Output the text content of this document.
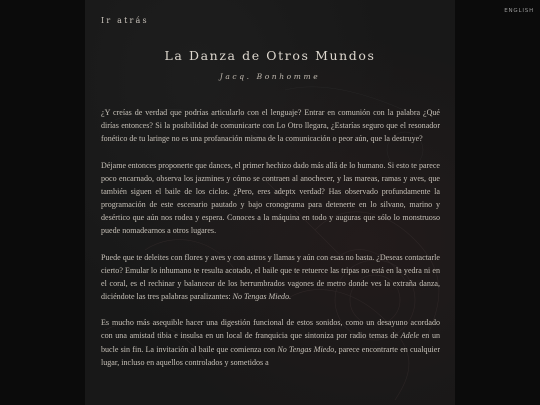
Ir atrás
La Danza de Otros Mundos
Jacq. Bonhomme

¿Y creías de verdad que podrías articularlo con el lenguaje? Entrar en comunión con la palabra ¿Qué dirías entonces? Si la posibilidad de comunicarte con Lo Otro llegara, ¿Estarías seguro que el resonador fonético de tu laringe no es una profanación misma de la comunicación o peor aún, que la destruye?

Déjame entonces proponerte que dances, el primer hechizo dado más allá de lo humano. Si esto te parece poco encarnado, observa los jazmines y cómo se contraen al anochecer, y las mareas, ramas y aves, que también siguen el baile de los ciclos. ¿Pero, eres adeptx verdad? Has observado profundamente la programación de este escenario pautado y bajo cronograma para detenerte en lo silvano, marino y desértico que aún nos rodea y espera. Conoces a la máquina en todo y auguras que sólo lo monstruoso puede nomadearnos a otros lugares.

Puede que te deleites con flores y aves y con astros y llamas y aún con esas no basta. ¿Deseas contactarle cierto? Emular lo inhumano te resulta acotado, el baile que te retuerce las tripas no está en la yedra ni en el coral, es el rechinar y balancear de los herrumbrados vagones de metro donde ves la extraña danza, diciéndote las tres palabras paralizantes: No Tengas Miedo.

Es mucho más asequible hacer una digestión funcional de estos sonidos, como un desayuno acordado con una amistad tibia e insulsa en un local de franquicia que sintoniza por radio temas de Adele en un bucle sin fin. La invitación al baile que comienza con No Tengas Miedo, parece encontrarte en cualquier lugar, incluso en aquellos controlados y sometidos a

ENGLISH
